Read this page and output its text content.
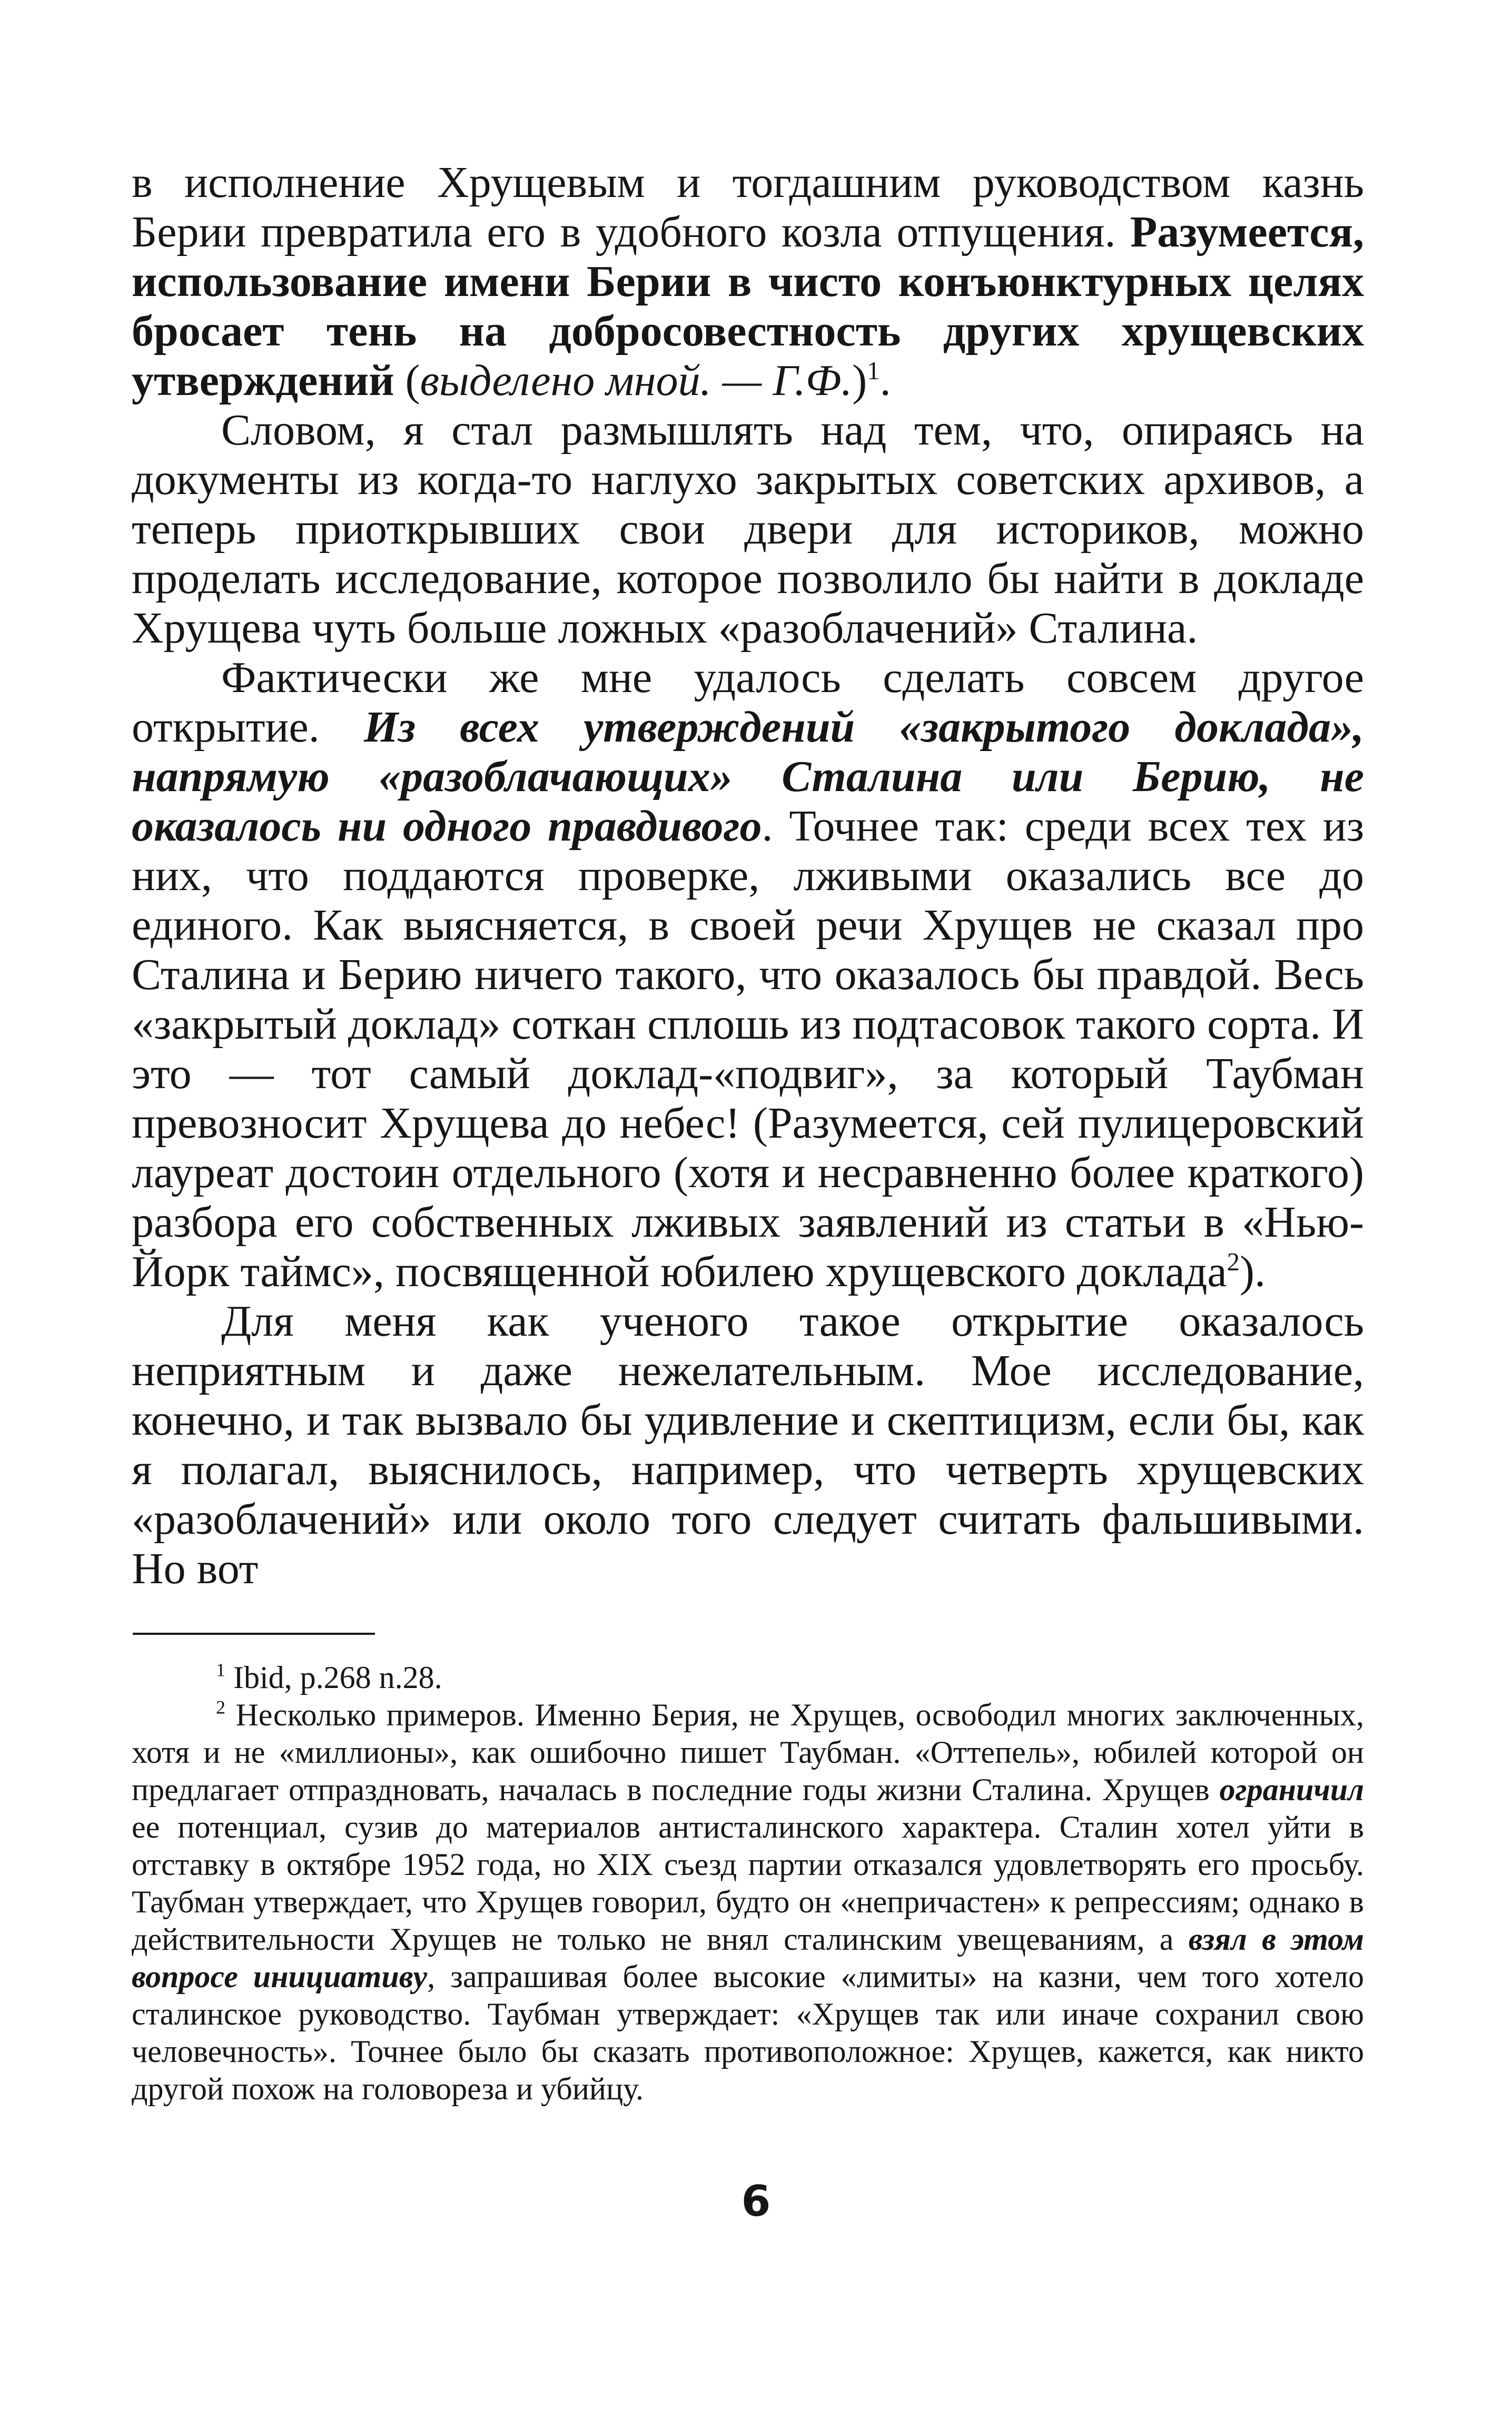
в исполнение Хрущевым и тогдашним руководством казнь Берии превратила его в удобного козла отпущения. Разумеется, использование имени Берии в чисто конъюнктурных целях бросает тень на добросовестность других хрущевских утверждений (выделено мной. — Г.Ф.)$^1$.

Словом, я стал размышлять над тем, что, опираясь на документы из когда-то наглухо закрытых советских архивов, а теперь приоткрывших свои двери для историков, можно проделать исследование, которое позволило бы найти в докладе Хрущева чуть больше ложных «разоблачений» Сталина.

Фактически же мне удалось сделать совсем другое открытие. Из всех утверждений «закрытого доклада», напрямую «разоблачающих» Сталина или Берию, не оказалось ни одного правдивого. Точнее так: среди всех тех из них, что поддаются проверке, лживыми оказались все до единого. Как выясняется, в своей речи Хрущев не сказал про Сталина и Берию ничего такого, что оказалось бы правдой. Весь «закрытый доклад» соткан сплошь из подтасовок такого сорта. И это — тот самый доклад-«подвиг», за который Таубман превозносит Хрущева до небес! (Разумеется, сей пулицеровский лауреат достоин отдельного (хотя и несравненно более краткого) разбора его собственных лживых заявлений из статьи в «Нью-Йорк таймс», посвященной юбилею хрущевского доклада$^2$).

Для меня как ученого такое открытие оказалось неприятным и даже нежелательным. Мое исследование, конечно, и так вызвало бы удивление и скептицизм, если бы, как я полагал, выяснилось, например, что четверть хрущевских «разоблачений» или около того следует считать фальшивыми. Но вот

$^1$ Ibid, p.268 n.28.

$^2$ Несколько примеров. Именно Берия, не Хрущев, освободил многих заключенных, хотя и не «миллионы», как ошибочно пишет Таубман. «Оттепель», юбилей которой он предлагает отпраздновать, началась в последние годы жизни Сталина. Хрущев ограничил ее потенциал, сузив до материалов антисталинского характера. Сталин хотел уйти в отставку в октябре 1952 года, но XIX съезд партии отказался удовлетворять его просьбу. Таубман утверждает, что Хрущев говорил, будто он «непричастен» к репрессиям; однако в действительности Хрущев не только не внял сталинским увещеваниям, а взял в этом вопросе инициативу, запрашивая более высокие «лимиты» на казни, чем того хотело сталинское руководство. Таубман утверждает: «Хрущев так или иначе сохранил свою человечность». Точнее было бы сказать противоположное: Хрущев, кажется, как никто другой похож на головореза и убийцу.

6
